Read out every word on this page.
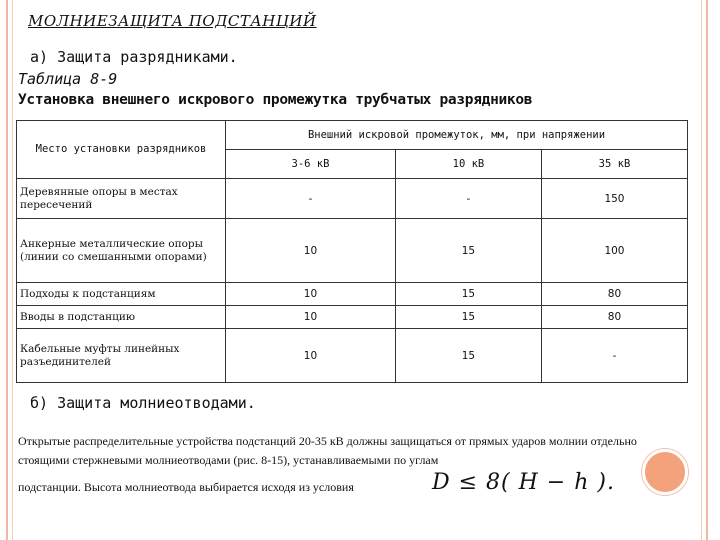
МОЛНИЕЗАЩИТА ПОДСТАНЦИЙ
а) Защита разрядниками.
Таблица 8-9
Установка внешнего искрового промежутка трубчатых разрядников
Место установки разрядников	Внешний искровой промежуток, мм, при напряжении		
	3-6 кВ	10 кВ	35 кВ
Деревянные опоры в местах пересечений	-	-	150
Анкерные металлические опоры (линии со смешанными опорами)	10	15	100
Подходы к подстанциям	10	15	80
Вводы в подстанцию	10	15	80
Кабельные муфты линейных разъединителей	10	15	-
б) Защита молниеотводами.
Открытые распределительные устройства подстанций 20-35 кВ должны защищаться от прямых ударов молнии отдельно стоящими стержневыми молниеотводами (рис. 8-15), устанавливаемыми по углам
подстанции. Высота молниеотвода выбирается исходя из условия	D ≤ 8( H − h ).
